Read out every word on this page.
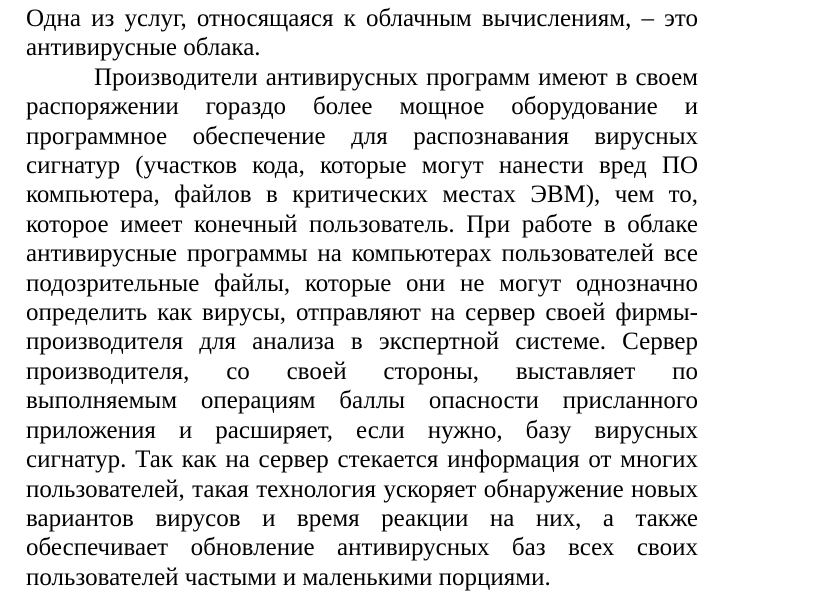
Одна из услуг, относящаяся к облачным вычислениям, – это антивирусные облака.

Производители антивирусных программ имеют в своем распоряжении гораздо более мощное оборудование и программное обеспечение для распознавания вирусных сигнатур (участков кода, которые могут нанести вред ПО компьютера, файлов в критических местах ЭВМ), чем то, которое имеет конечный пользователь. При работе в облаке антивирусные программы на компьютерах пользователей все подозрительные файлы, которые они не могут однозначно определить как вирусы, отправляют на сервер своей фирмы-производителя для анализа в экспертной системе. Сервер производителя, со своей стороны, выставляет по выполняемым операциям баллы опасности присланного приложения и расширяет, если нужно, базу вирусных сигнатур. Так как на сервер стекается информация от многих пользователей, такая технология ускоряет обнаружение новых вариантов вирусов и время реакции на них, а также обеспечивает обновление антивирусных баз всех своих пользователей частыми и маленькими порциями.
